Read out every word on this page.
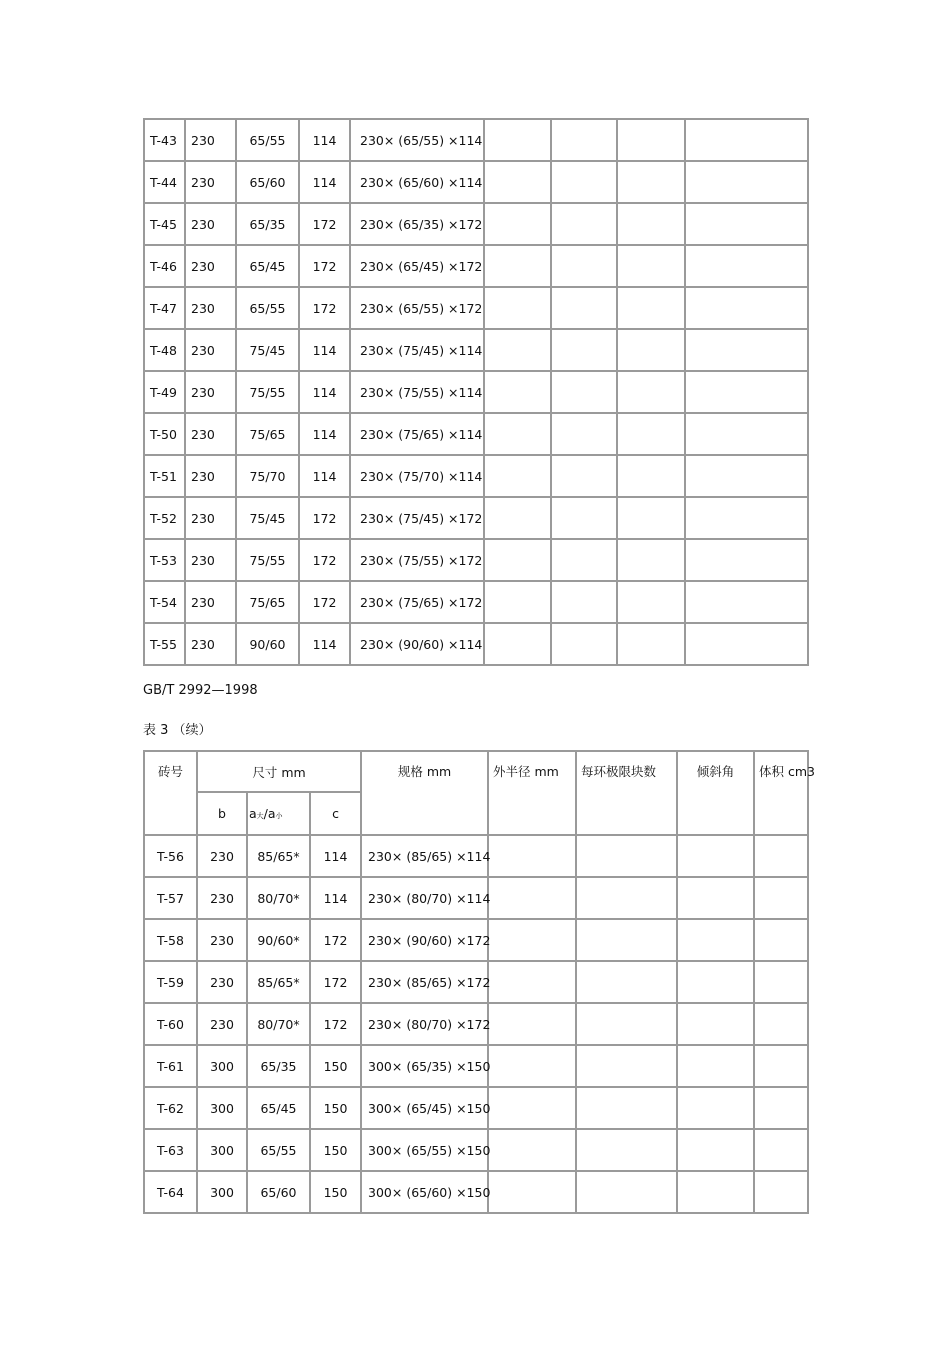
T-43	230	65/55	114	230× (65/55) ×114				
T-44	230	65/60	114	230× (65/60) ×114				
T-45	230	65/35	172	230× (65/35) ×172				
T-46	230	65/45	172	230× (65/45) ×172				
T-47	230	65/55	172	230× (65/55) ×172				
T-48	230	75/45	114	230× (75/45) ×114				
T-49	230	75/55	114	230× (75/55) ×114				
T-50	230	75/65	114	230× (75/65) ×114				
T-51	230	75/70	114	230× (75/70) ×114				
T-52	230	75/45	172	230× (75/45) ×172				
T-53	230	75/55	172	230× (75/55) ×172				
T-54	230	75/65	172	230× (75/65) ×172				
T-55	230	90/60	114	230× (90/60) ×114				
GB/T 2992—1998
表 3 （续）
砖号	尺寸 mm			规格 mm	外半径 mm	每环极限块数	倾斜角	体积 cm3
	b	a大/a小	c					
T-56	230	85/65*	114	230× (85/65) ×114				
T-57	230	80/70*	114	230× (80/70) ×114				
T-58	230	90/60*	172	230× (90/60) ×172				
T-59	230	85/65*	172	230× (85/65) ×172				
T-60	230	80/70*	172	230× (80/70) ×172				
T-61	300	65/35	150	300× (65/35) ×150				
T-62	300	65/45	150	300× (65/45) ×150				
T-63	300	65/55	150	300× (65/55) ×150				
T-64	300	65/60	150	300× (65/60) ×150				
